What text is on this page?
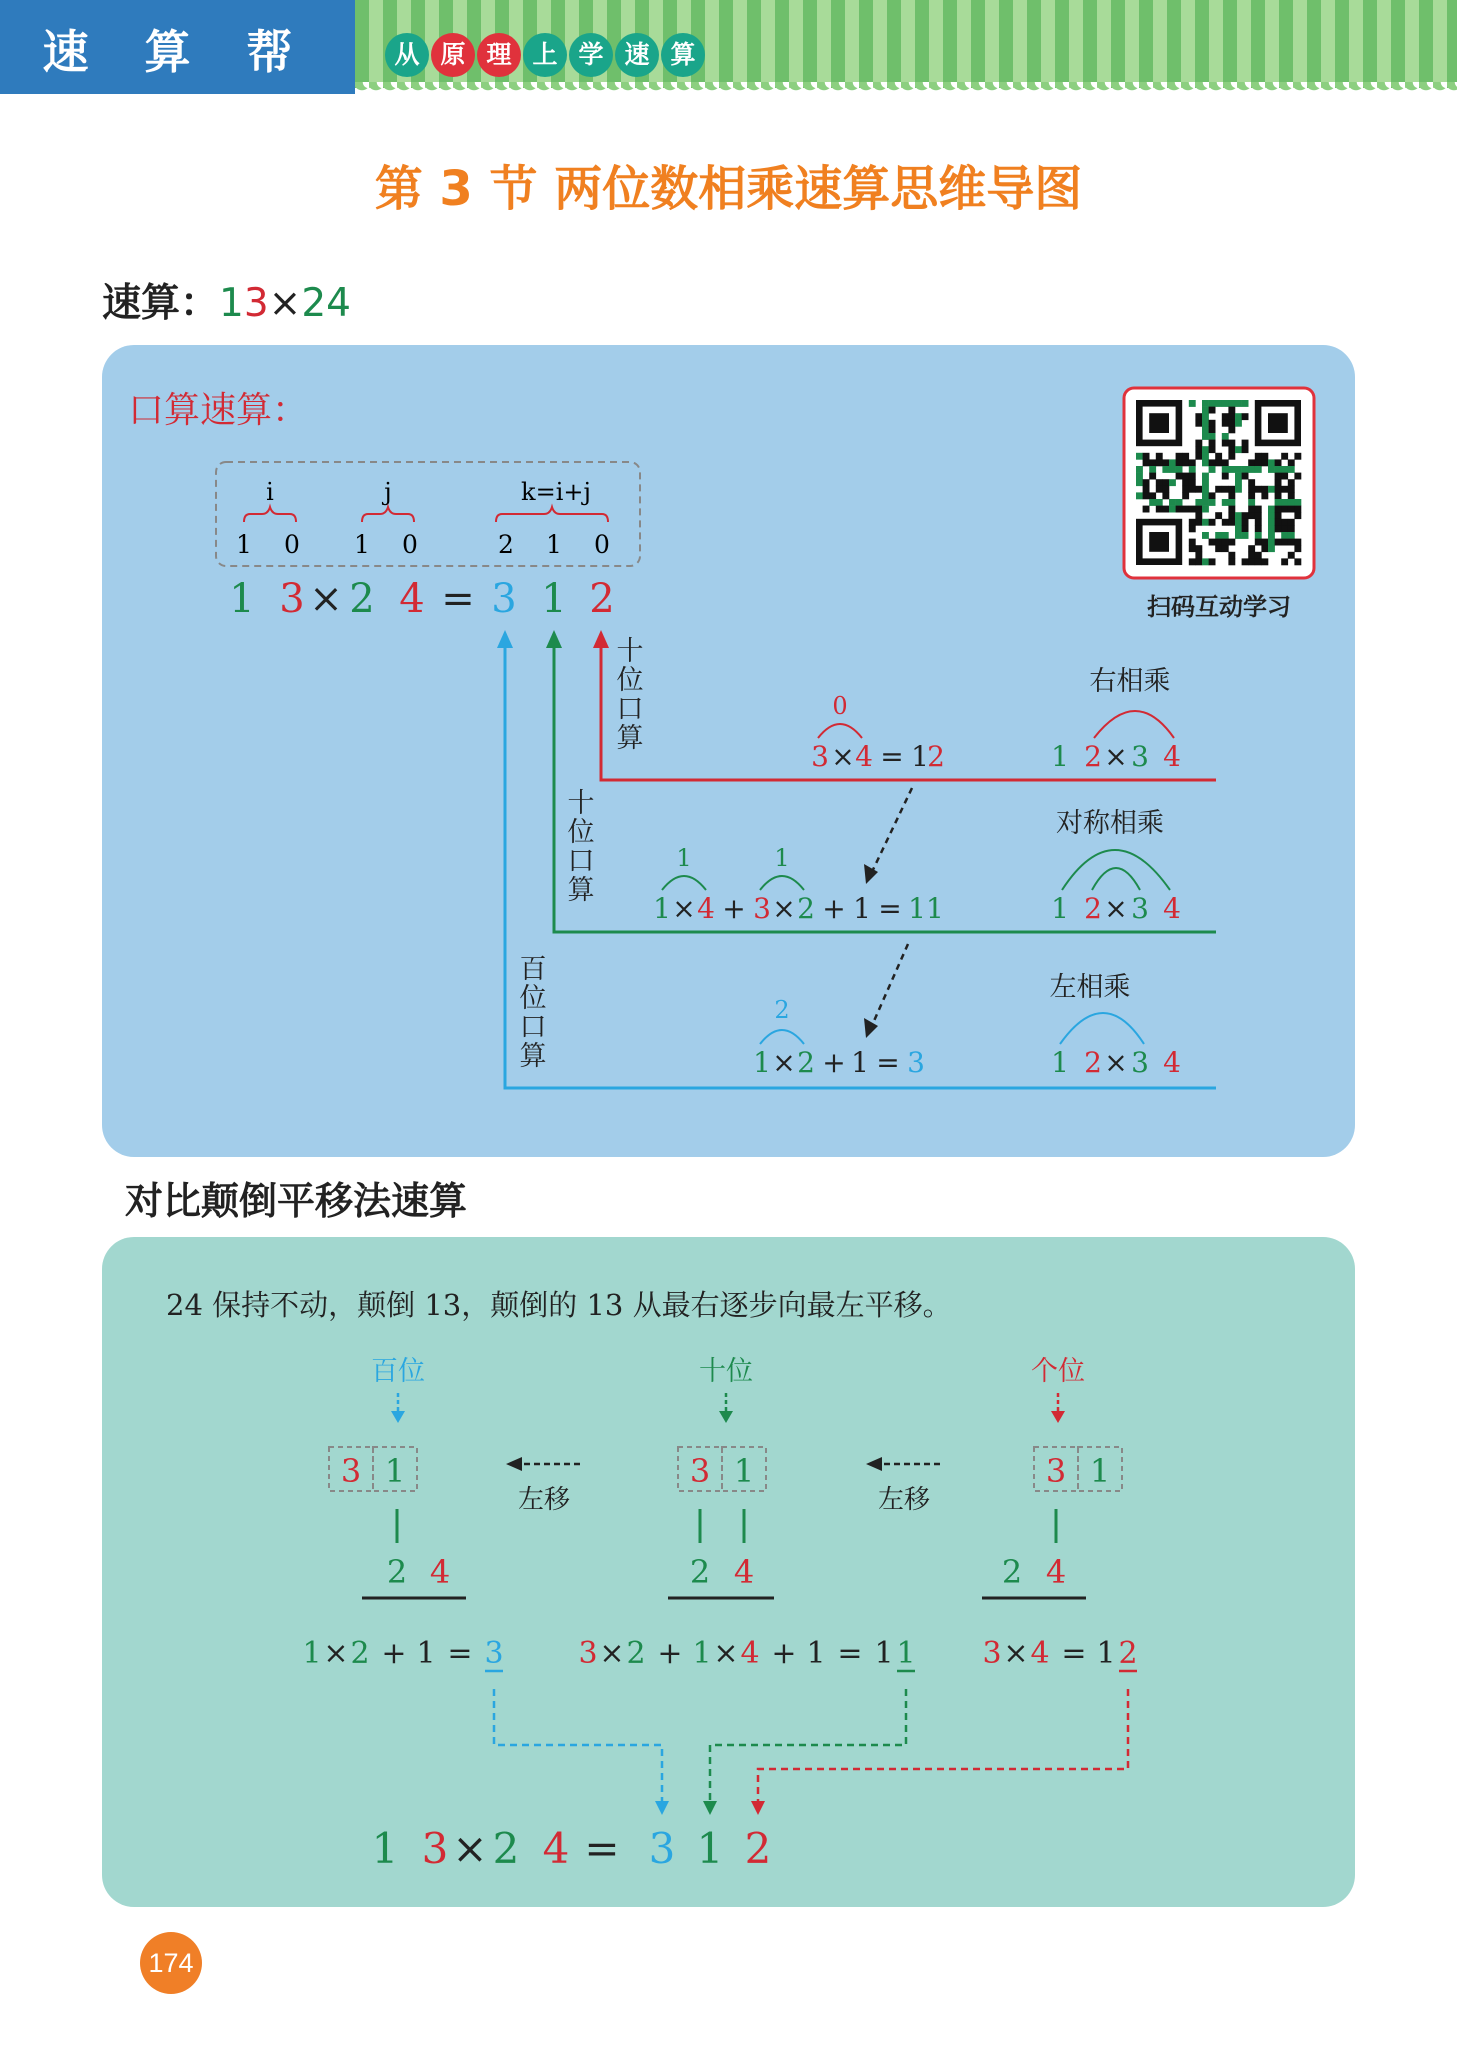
速 算 帮	从 原 理 上 学 速 算
第 3 节 两位数相乘速算思维导图
速算：13×24
口算速算：
扫码互动学习
i	j	k=i+j
1 0 1 0	2 1 0
1 3 × 2 4 = 3 1 2
十位口算
十位口算
百位口算
0
3 × 4 = 1
2
右相乘
1 2 × 3 4
1	1
1 × 4 + 3 × 2 + 1 = 11
对称相乘
1 2 × 3 4
2
1 × 2 + 1 = 3
左相乘
1 2 × 3 4
对比颠倒平移法速算
24 保持不动，颠倒 13，颠倒的 13 从最右逐步向最左平移。
百位	十位	个位
3 1
2 4
左移
3 1
2 4
左移
3 1
2 4
1 × 2 + 1 = 3 3 × 2 + 1 × 4 + 1 = 1 1 3 × 4 = 1 2
1 3 × 2 4 = 3 1 2
174
